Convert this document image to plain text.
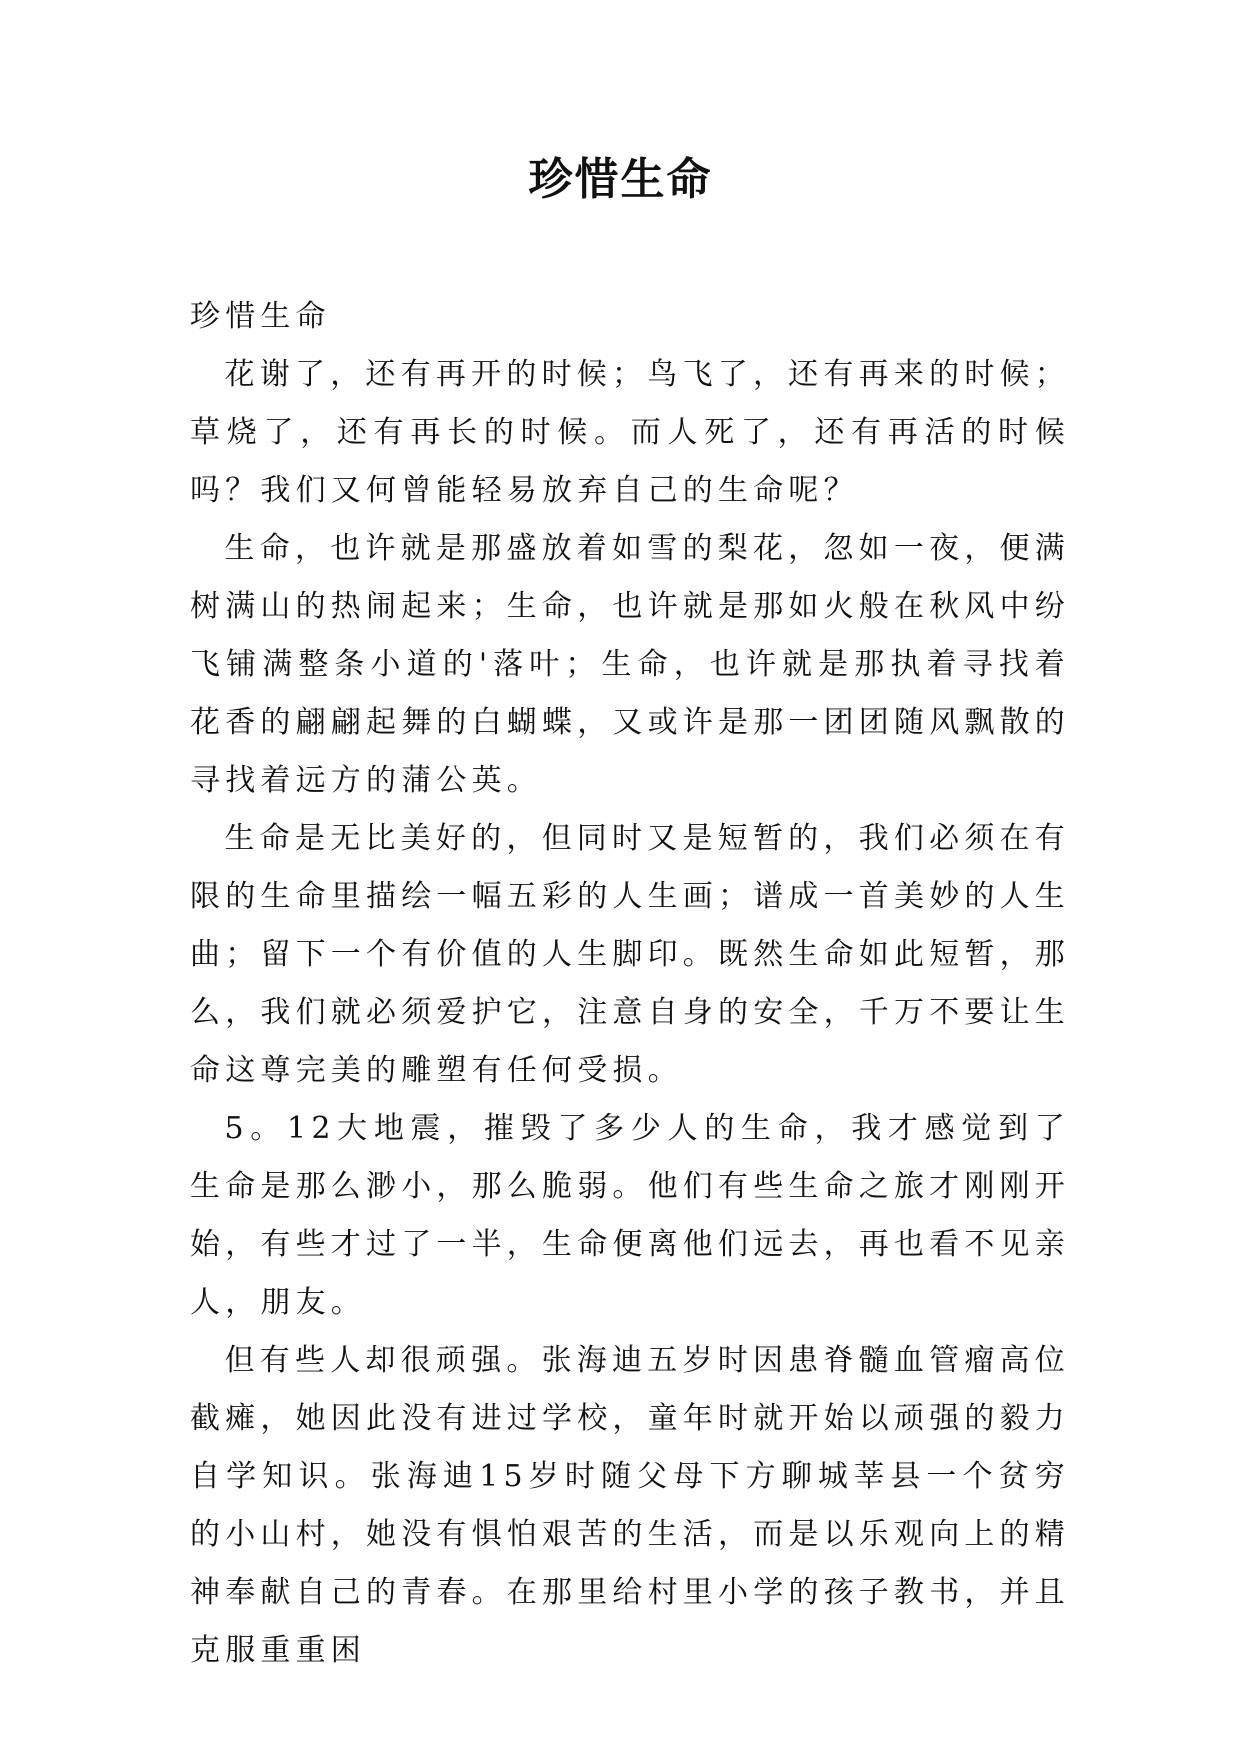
珍惜生命

珍惜生命

花谢了，还有再开的时候；鸟飞了，还有再来的时候；草烧了，还有再长的时候。而人死了，还有再活的时候吗？我们又何曾能轻易放弃自己的生命呢？

生命，也许就是那盛放着如雪的梨花，忽如一夜，便满树满山的热闹起来；生命，也许就是那如火般在秋风中纷飞铺满整条小道的'落叶；生命，也许就是那执着寻找着花香的翩翩起舞的白蝴蝶，又或许是那一团团随风飘散的寻找着远方的蒲公英。

生命是无比美好的，但同时又是短暂的，我们必须在有限的生命里描绘一幅五彩的人生画；谱成一首美妙的人生曲；留下一个有价值的人生脚印。既然生命如此短暂，那么，我们就必须爱护它，注意自身的安全，千万不要让生命这尊完美的雕塑有任何受损。

5。12大地震，摧毁了多少人的生命，我才感觉到了生命是那么渺小，那么脆弱。他们有些生命之旅才刚刚开始，有些才过了一半，生命便离他们远去，再也看不见亲人，朋友。

但有些人却很顽强。张海迪五岁时因患脊髓血管瘤高位截瘫，她因此没有进过学校，童年时就开始以顽强的毅力自学知识。张海迪15岁时随父母下方聊城莘县一个贫穷的小山村，她没有惧怕艰苦的生活，而是以乐观向上的精神奉献自己的青春。在那里给村里小学的孩子教书，并且克服重重困
